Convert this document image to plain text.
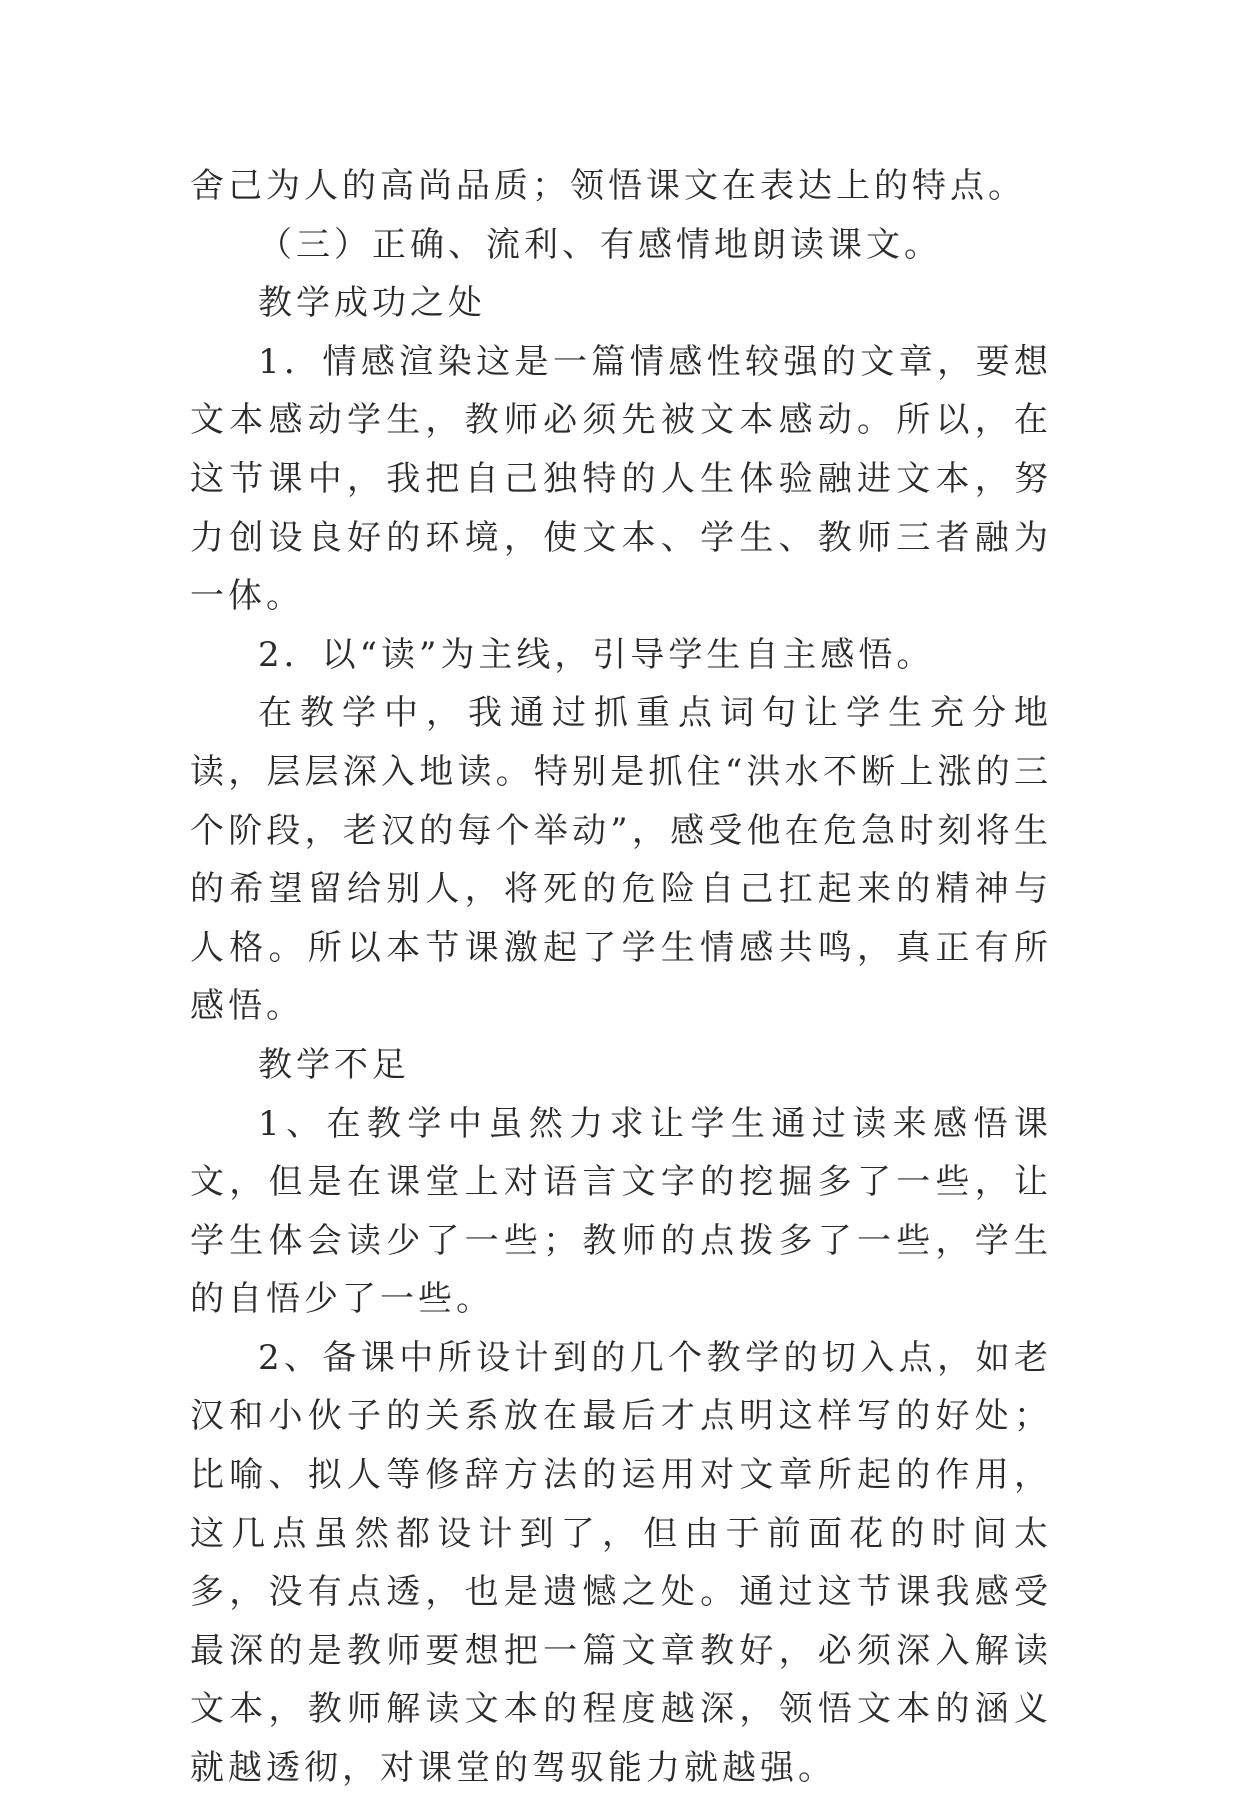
舍己为人的高尚品质；领悟课文在表达上的特点。

（三）正确、流利、有感情地朗读课文。

教学成功之处

1．情感渲染这是一篇情感性较强的文章，要想文本感动学生，教师必须先被文本感动。所以，在这节课中，我把自己独特的人生体验融进文本，努力创设良好的环境，使文本、学生、教师三者融为一体。

2．以“读”为主线，引导学生自主感悟。

在教学中，我通过抓重点词句让学生充分地读，层层深入地读。特别是抓住“洪水不断上涨的三个阶段，老汉的每个举动”，感受他在危急时刻将生的希望留给别人，将死的危险自己扛起来的精神与人格。所以本节课激起了学生情感共鸣，真正有所感悟。

教学不足

1、在教学中虽然力求让学生通过读来感悟课文，但是在课堂上对语言文字的挖掘多了一些，让学生体会读少了一些；教师的点拨多了一些，学生的自悟少了一些。

2、备课中所设计到的几个教学的切入点，如老汉和小伙子的关系放在最后才点明这样写的好处；比喻、拟人等修辞方法的运用对文章所起的作用，这几点虽然都设计到了，但由于前面花的时间太多，没有点透，也是遗憾之处。通过这节课我感受最深的是教师要想把一篇文章教好，必须深入解读文本，教师解读文本的程度越深，领悟文本的涵义就越透彻，对课堂的驾驭能力就越强。
